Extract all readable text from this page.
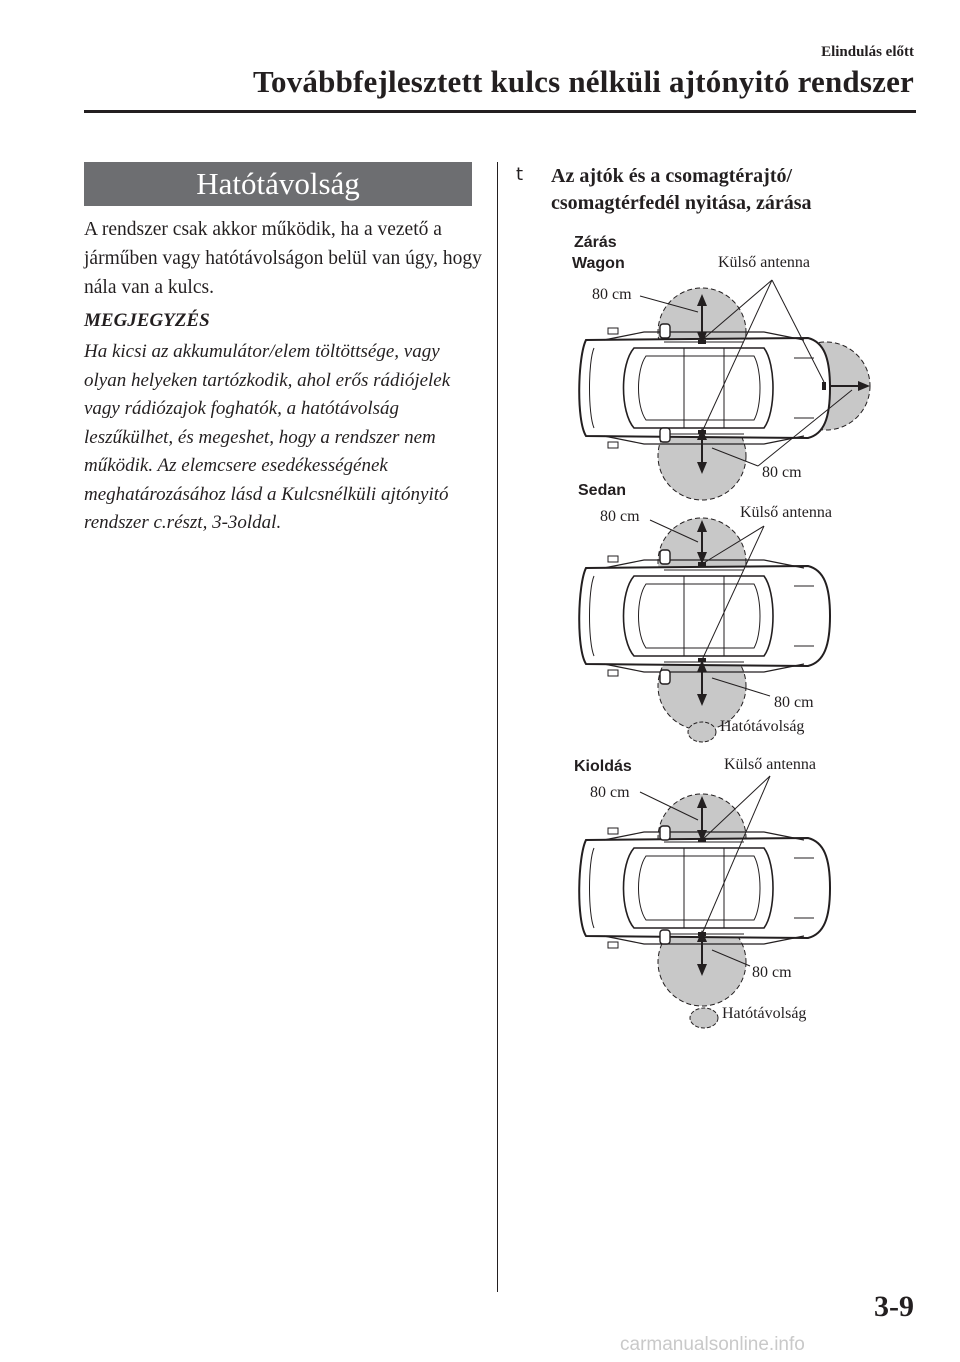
Elindulás előtt
Továbbfejlesztett kulcs nélküli ajtónyitó rendszer
Hatótávolság
A rendszer csak akkor működik, ha a vezető a járműben vagy hatótávolságon belül van úgy, hogy nála van a kulcs.
MEGJEGYZÉS
Ha kicsi az akkumulátor/elem töltöttsége, vagy olyan helyeken tartózkodik, ahol erős rádiójelek vagy rádiózajok foghatók, a hatótávolság leszűkülhet, és megeshet, hogy a rendszer nem működik. Az elemcsere esedékességének meghatározásához lásd a Kulcsnélküli ajtónyitó rendszer c.részt, 3-3oldal.
t Az ajtók és a csomagtérajtó/ csomagtérfedél nyitása, zárása
Zárás
Wagon	Külső antenna
80 cm
80 cm
Sedan
Külső antenna
80 cm
80 cm
Hatótávolság
Kioldás	Külső antenna
80 cm
80 cm
Hatótávolság
3-9
carmanualsonline.info
